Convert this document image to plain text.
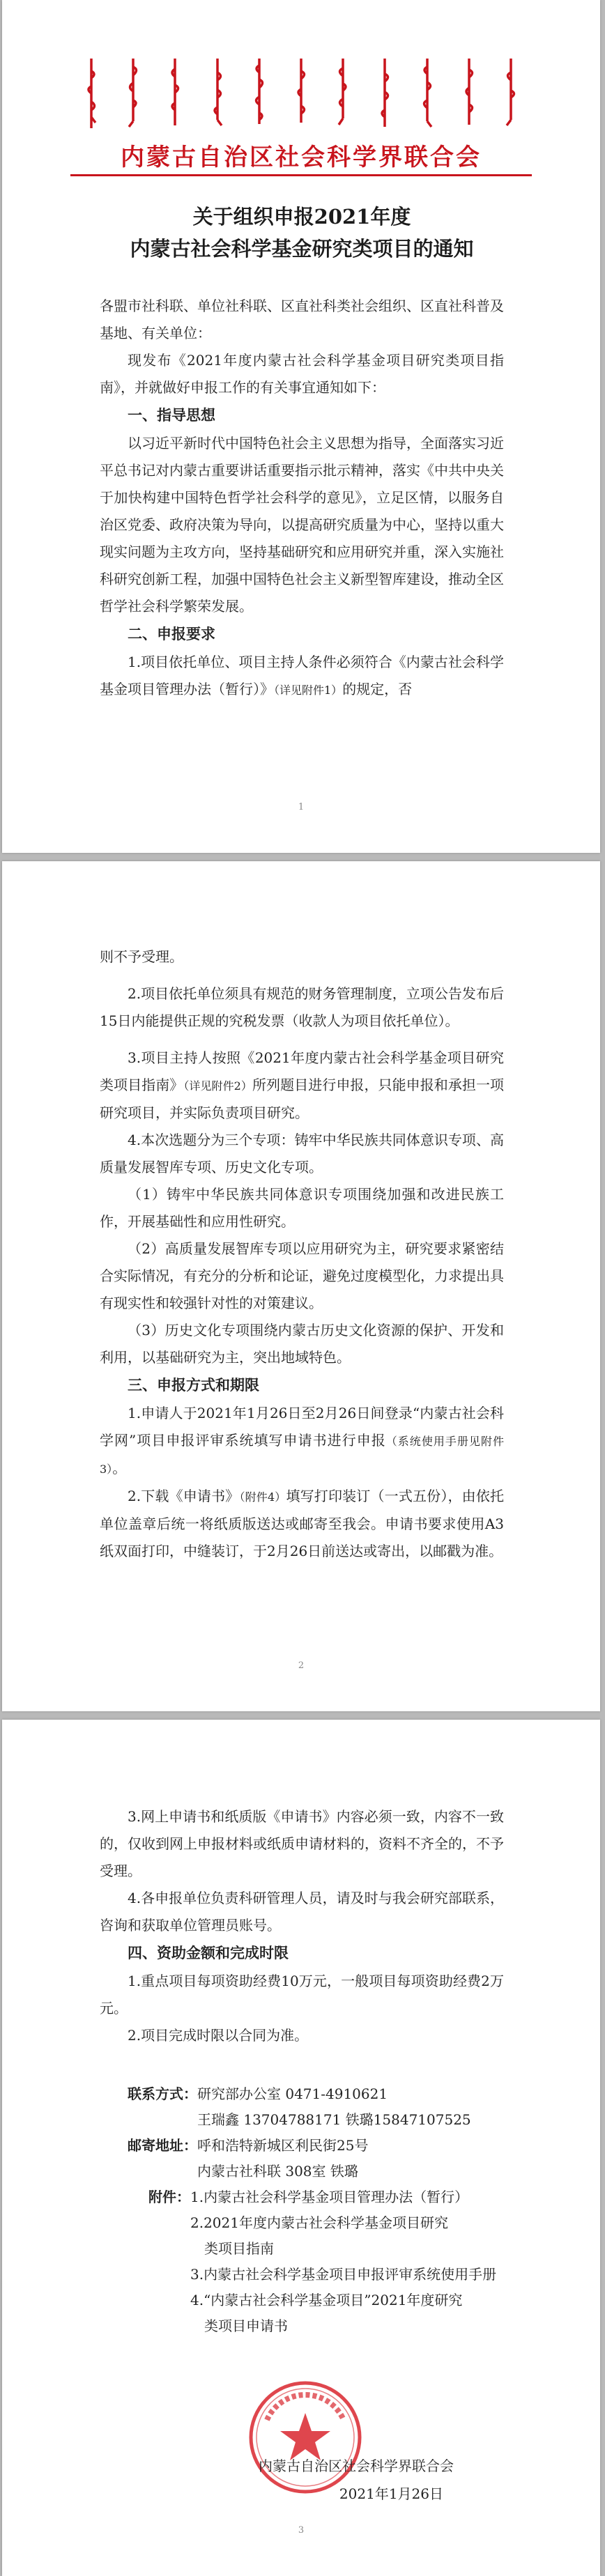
内蒙古自治区社会科学界联合会
关于组织申报2021年度
内蒙古社会科学基金研究类项目的通知

各盟市社科联、单位社科联、区直社科类社会组织、区直社科普及基地、有关单位：

现发布《2021年度内蒙古社会科学基金项目研究类项目指南》，并就做好申报工作的有关事宜通知如下：

一、指导思想

以习近平新时代中国特色社会主义思想为指导，全面落实习近平总书记对内蒙古重要讲话重要指示批示精神，落实《中共中央关于加快构建中国特色哲学社会科学的意见》，立足区情，以服务自治区党委、政府决策为导向，以提高研究质量为中心，坚持以重大现实问题为主攻方向，坚持基础研究和应用研究并重，深入实施社科研究创新工程，加强中国特色社会主义新型智库建设，推动全区哲学社会科学繁荣发展。

二、申报要求

1.项目依托单位、项目主持人条件必须符合《内蒙古社会科学基金项目管理办法（暂行）》（详见附件1）的规定，否

1

则不予受理。

2.项目依托单位须具有规范的财务管理制度，立项公告发布后15日内能提供正规的究税发票（收款人为项目依托单位）。

3.项目主持人按照《2021年度内蒙古社会科学基金项目研究类项目指南》（详见附件2）所列题目进行申报，只能申报和承担一项研究项目，并实际负责项目研究。

4.本次选题分为三个专项：铸牢中华民族共同体意识专项、高质量发展智库专项、历史文化专项。

（1）铸牢中华民族共同体意识专项围绕加强和改进民族工作，开展基础性和应用性研究。

（2）高质量发展智库专项以应用研究为主，研究要求紧密结合实际情况，有充分的分析和论证，避免过度模型化，力求提出具有现实性和较强针对性的对策建议。

（3）历史文化专项围绕内蒙古历史文化资源的保护、开发和利用，以基础研究为主，突出地域特色。

三、申报方式和期限

1.申请人于2021年1月26日至2月26日间登录“内蒙古社会科学网”项目申报评审系统填写申请书进行申报（系统使用手册见附件3）。

2.下载《申请书》（附件4）填写打印装订（一式五份），由依托单位盖章后统一将纸质版送达或邮寄至我会。申请书要求使用A3纸双面打印，中缝装订，于2月26日前送达或寄出，以邮戳为准。

2

3.网上申请书和纸质版《申请书》内容必须一致，内容不一致的，仅收到网上申报材料或纸质申请材料的，资料不齐全的，不予受理。

4.各申报单位负责科研管理人员，请及时与我会研究部联系，咨询和获取单位管理员账号。

四、资助金额和完成时限

1.重点项目每项资助经费10万元，一般项目每项资助经费2万元。

2.项目完成时限以合同为准。

联系方式：研究部办公室 0471-4910621

王瑞鑫 13704788171 铁璐15847107525

邮寄地址：呼和浩特新城区利民街25号

内蒙古社科联 308室 铁璐

附件：1.内蒙古社会科学基金项目管理办法（暂行）

2.2021年度内蒙古社会科学基金项目研究

类项目指南

3.内蒙古社会科学基金项目申报评审系统使用手册

4.“内蒙古社会科学基金项目”2021年度研究

类项目申请书

内蒙古自治区社会科学界联合会
2021年1月26日
3
